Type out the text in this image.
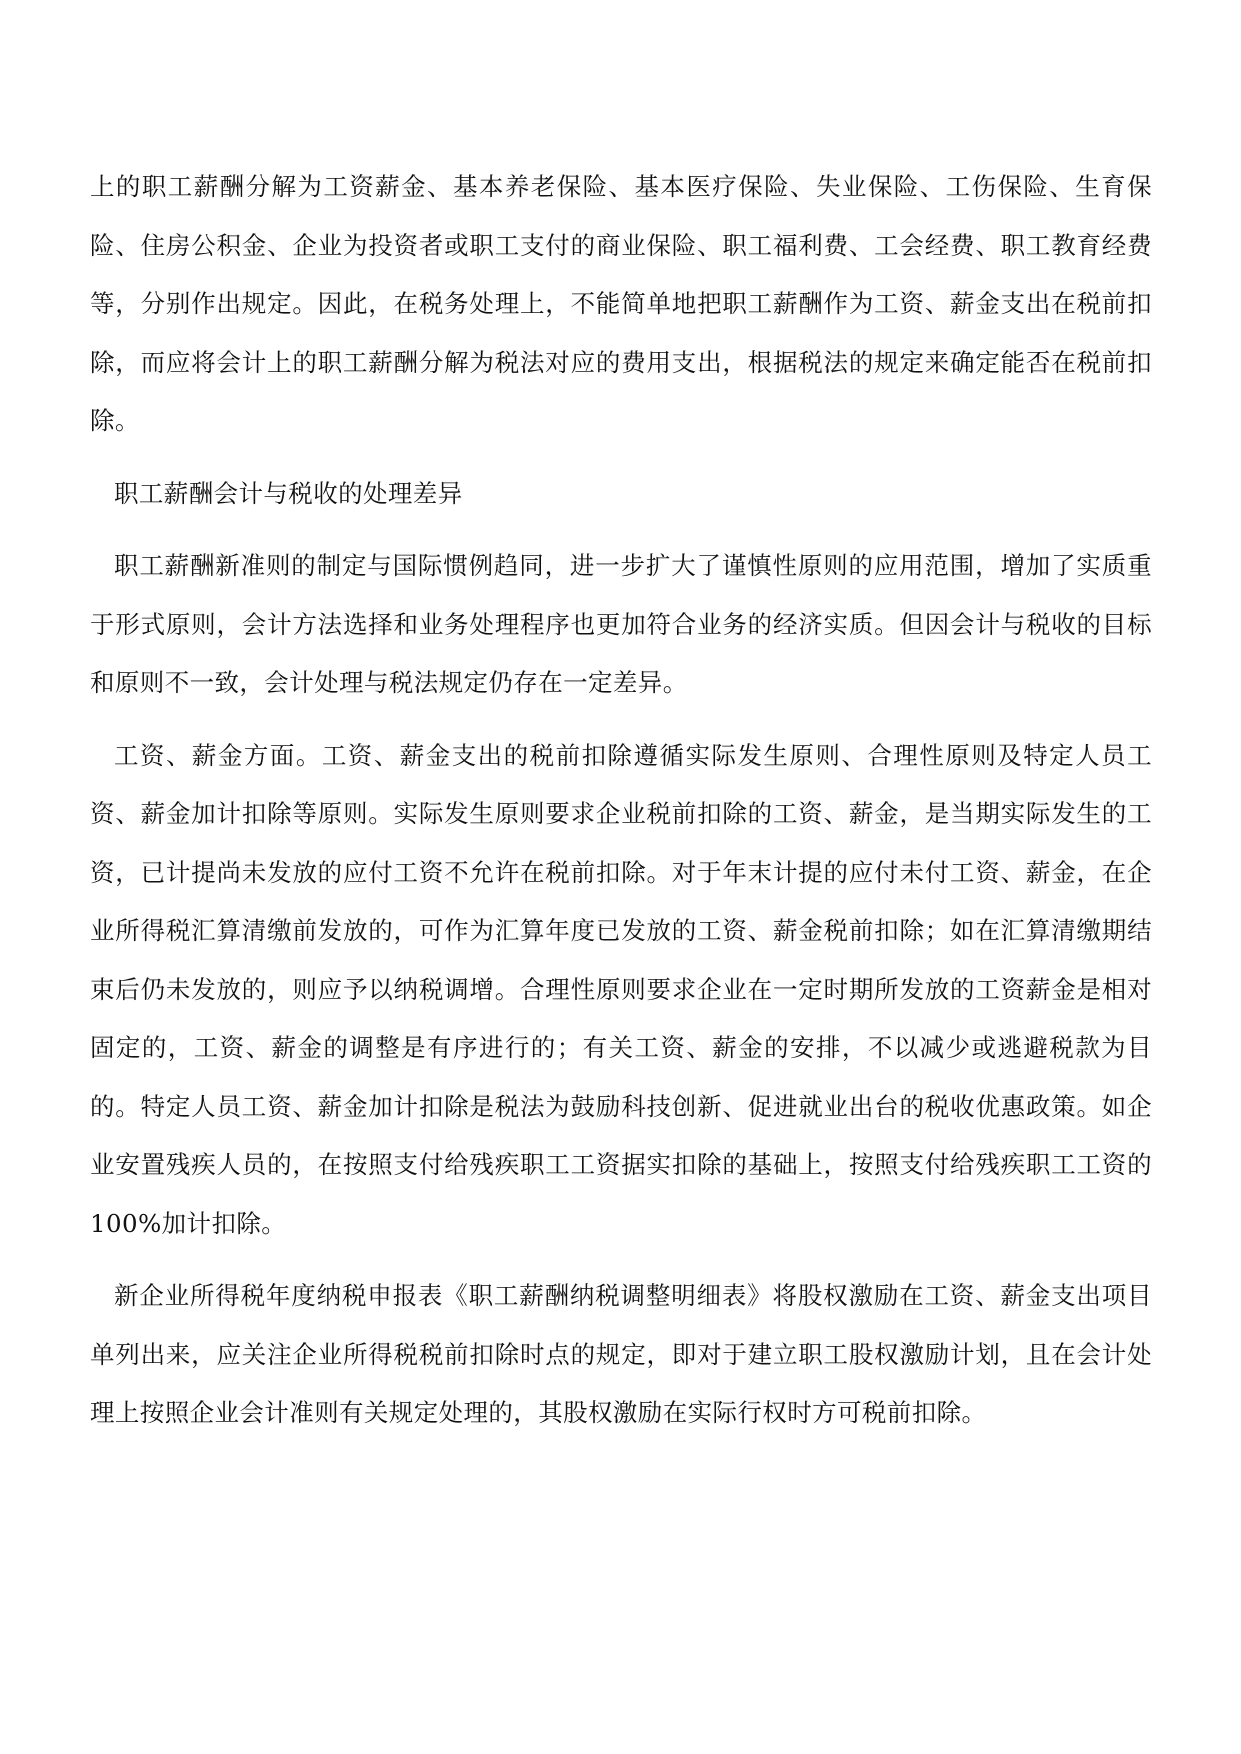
上的职工薪酬分解为工资薪金、基本养老保险、基本医疗保险、失业保险、工伤保险、生育保险、住房公积金、企业为投资者或职工支付的商业保险、职工福利费、工会经费、职工教育经费等，分别作出规定。因此，在税务处理上，不能简单地把职工薪酬作为工资、薪金支出在税前扣除，而应将会计上的职工薪酬分解为税法对应的费用支出，根据税法的规定来确定能否在税前扣除。

职工薪酬会计与税收的处理差异

职工薪酬新准则的制定与国际惯例趋同，进一步扩大了谨慎性原则的应用范围，增加了实质重于形式原则，会计方法选择和业务处理程序也更加符合业务的经济实质。但因会计与税收的目标和原则不一致，会计处理与税法规定仍存在一定差异。

工资、薪金方面。工资、薪金支出的税前扣除遵循实际发生原则、合理性原则及特定人员工资、薪金加计扣除等原则。实际发生原则要求企业税前扣除的工资、薪金，是当期实际发生的工资，已计提尚未发放的应付工资不允许在税前扣除。对于年末计提的应付未付工资、薪金，在企业所得税汇算清缴前发放的，可作为汇算年度已发放的工资、薪金税前扣除；如在汇算清缴期结束后仍未发放的，则应予以纳税调增。合理性原则要求企业在一定时期所发放的工资薪金是相对固定的，工资、薪金的调整是有序进行的；有关工资、薪金的安排，不以减少或逃避税款为目的。特定人员工资、薪金加计扣除是税法为鼓励科技创新、促进就业出台的税收优惠政策。如企业安置残疾人员的，在按照支付给残疾职工工资据实扣除的基础上，按照支付给残疾职工工资的 100%加计扣除。

新企业所得税年度纳税申报表《职工薪酬纳税调整明细表》将股权激励在工资、薪金支出项目单列出来，应关注企业所得税税前扣除时点的规定，即对于建立职工股权激励计划，且在会计处理上按照企业会计准则有关规定处理的，其股权激励在实际行权时方可税前扣除。
